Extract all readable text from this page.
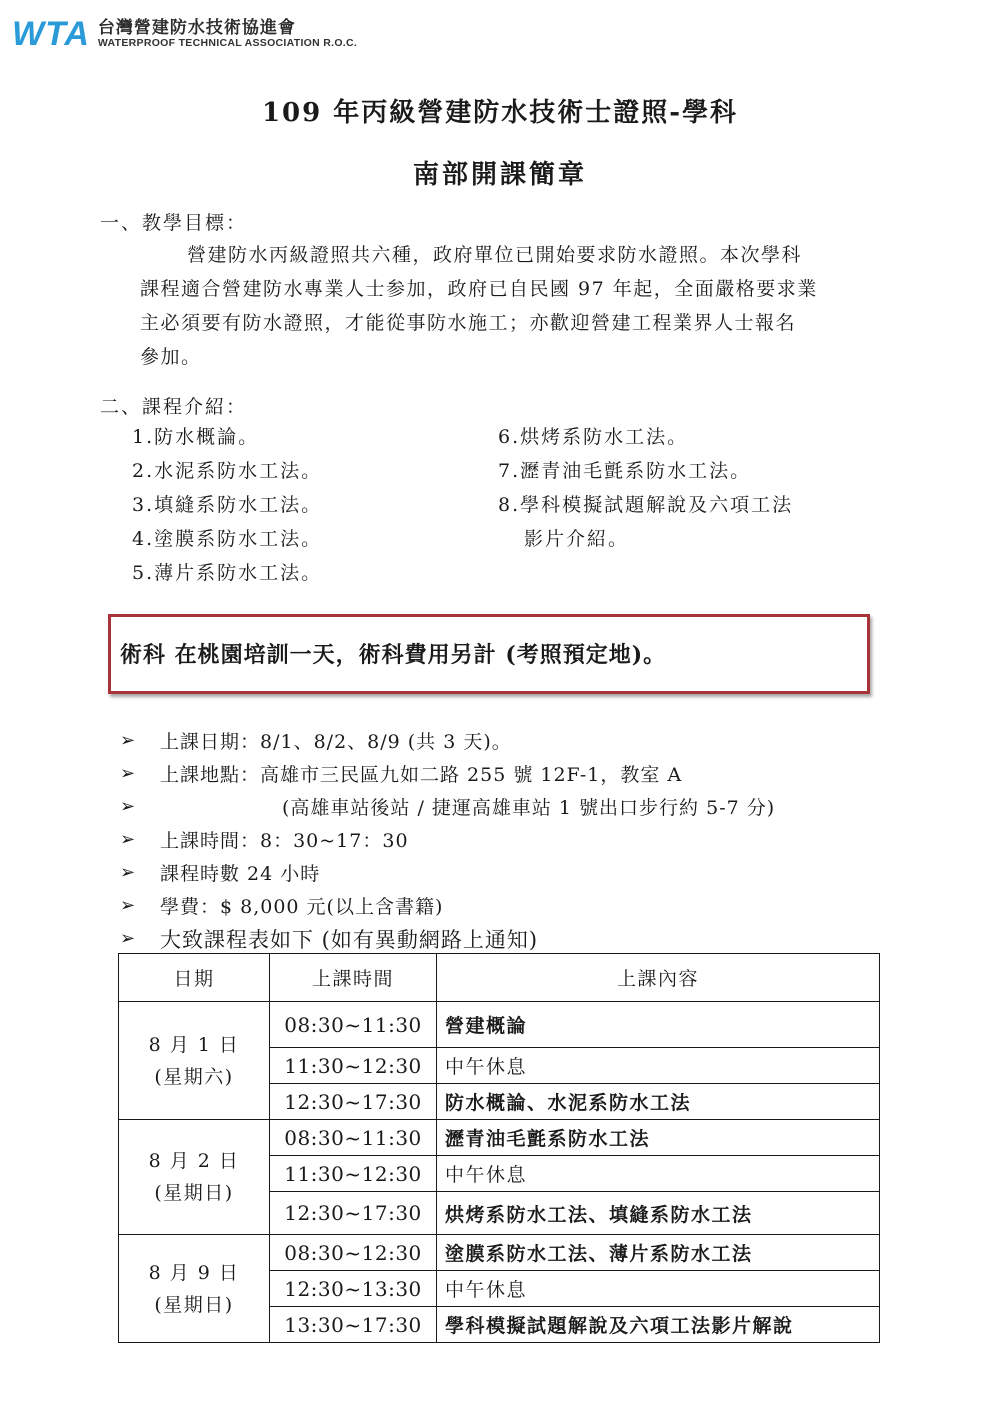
WTA 台灣營建防水技術協進會
WATERPROOF TECHNICAL ASSOCIATION R.O.C.
109 年丙級營建防水技術士證照-學科
南部開課簡章
一、教學目標：
營建防水丙級證照共六種，政府單位已開始要求防水證照。本次學科
課程適合營建防水專業人士参加，政府已自民國 97 年起，全面嚴格要求業
主必須要有防水證照，才能從事防水施工；亦歡迎營建工程業界人士報名
參加。
二、課程介紹：
1.防水概論。
2.水泥系防水工法。
3.填縫系防水工法。
4.塗膜系防水工法。
5.薄片系防水工法。
6.烘烤系防水工法。
7.瀝青油毛氈系防水工法。
8.學科模擬試題解說及六項工法
影片介紹。
術科 在桃園培訓一天，術科費用另計 (考照預定地)。
➢	上課日期：8/1、8/2、8/9 (共 3 天)。
➢	上課地點：高雄市三民區九如二路 255 號 12F-1，教室 A
➢	(高雄車站後站 / 捷運高雄車站 1 號出口步行約 5-7 分)
➢	上課時間：8：30~17：30
➢	課程時數 24 小時
➢	學費：$ 8,000 元(以上含書籍)
➢	大致課程表如下 (如有異動網路上通知)
日期	上課時間	上課內容

8 月 1 日
(星期六)	08:30~11:30	營建概論
	11:30~12:30	中午休息
	12:30~17:30	防水概論、水泥系防水工法

8 月 2 日
(星期日)	08:30~11:30	瀝青油毛氈系防水工法
	11:30~12:30	中午休息
	12:30~17:30	烘烤系防水工法、填縫系防水工法

8 月 9 日
(星期日)	08:30~12:30	塗膜系防水工法、薄片系防水工法
	12:30~13:30	中午休息
	13:30~17:30	學科模擬試題解說及六項工法影片解說
